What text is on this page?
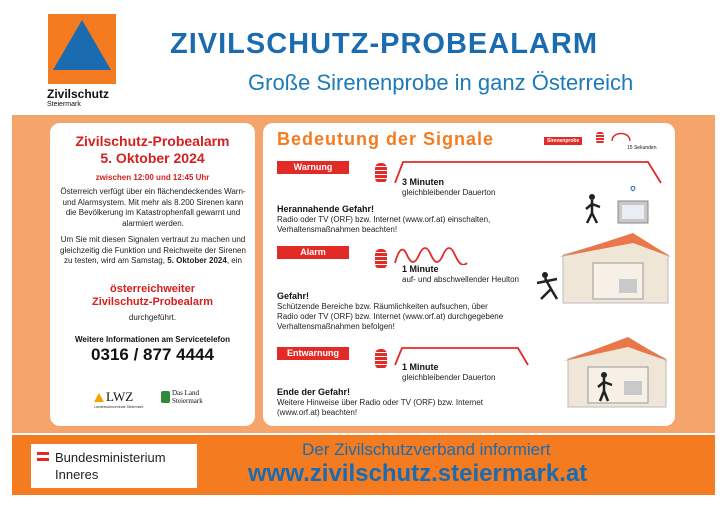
Zivilschutz
Steiermark
ZIVILSCHUTZ-PROBEALARM
Große Sirenenprobe in ganz Österreich
Zivilschutz-Probealarm
5. Oktober 2024
zwischen 12:00 und 12:45 Uhr
Österreich verfügt über ein flächendeckendes Warn- und Alarmsystem. Mit mehr als 8.200 Sirenen kann die Bevölkerung im Katastrophenfall gewarnt und alarmiert werden.
Um Sie mit diesen Signalen vertraut zu machen und gleichzeitig die Funktion und Reichweite der Sirenen zu testen, wird am Samstag, 5. Oktober 2024, ein
österreichweiter
Zivilschutz-Probealarm
durchgeführt.
Weitere Informationen am Servicetelefon
0316 / 877 4444
LWZ
Landeswarnzentrale Steiermark
Das Land
Steiermark
Bedeutung der Signale	Sirenenprobe
15 Sekunden
Warnung
3 Minuten
gleichbleibender Dauerton
Herannahende Gefahr!
Radio oder TV (ORF) bzw. Internet (www.orf.at) einschalten, Verhaltensmaßnahmen beachten!
Alarm
1 Minute
auf- und abschwellender Heulton
Gefahr!
Schützende Bereiche bzw. Räumlichkeiten aufsuchen, über Radio oder TV (ORF) bzw. Internet (www.orf.at) durchgegebene Verhaltensmaßnahmen befolgen!
Entwarnung
1 Minute
gleichbleibender Dauerton
Ende der Gefahr!
Weitere Hinweise über Radio oder TV (ORF) bzw. Internet (www.orf.at) beachten!
Bundesministerium
Inneres
Der Zivilschutzverband informiert
www.zivilschutz.steiermark.at
